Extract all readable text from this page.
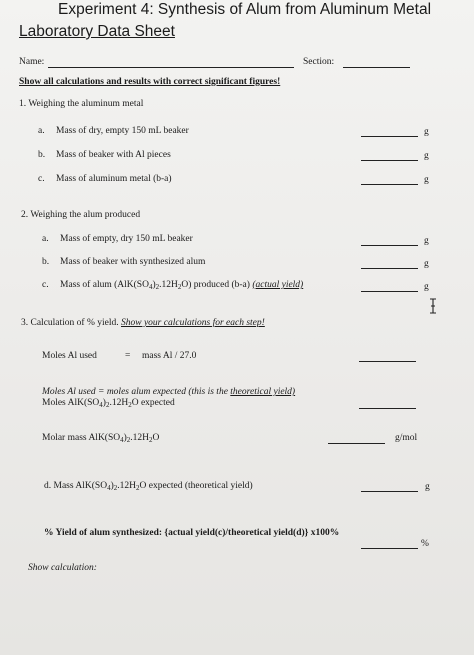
Experiment 4: Synthesis of Alum from Aluminum Metal
Laboratory Data Sheet
Name:	Section:
Show all calculations and results with correct significant figures!
1. Weighing the aluminum metal
a. Mass of dry, empty 150 mL beaker	g
b. Mass of beaker with Al pieces	g
c. Mass of aluminum metal (b-a)	g
2. Weighing the alum produced
a. Mass of empty, dry 150 mL beaker	g
b. Mass of beaker with synthesized alum	g
c. Mass of alum $(AlK(SO_4)_2.12H_2O)$ produced (b-a) (actual yield)	g
3. Calculation of % yield. Show your calculations for each step!
Moles Al used	= mass Al / 27.0
Moles Al used = moles alum expected (this is the theoretical yield)
Moles $AlK(SO_4)_2.12H_2O$ expected
Molar mass $AlK(SO_4)_2.12H_2O$	g/mol
d. Mass $AlK(SO_4)_2.12H_2O$ expected (theoretical yield)	g
% Yield of alum synthesized: {actual yield(c)/theoretical yield(d)} x100%
%
Show calculation:
